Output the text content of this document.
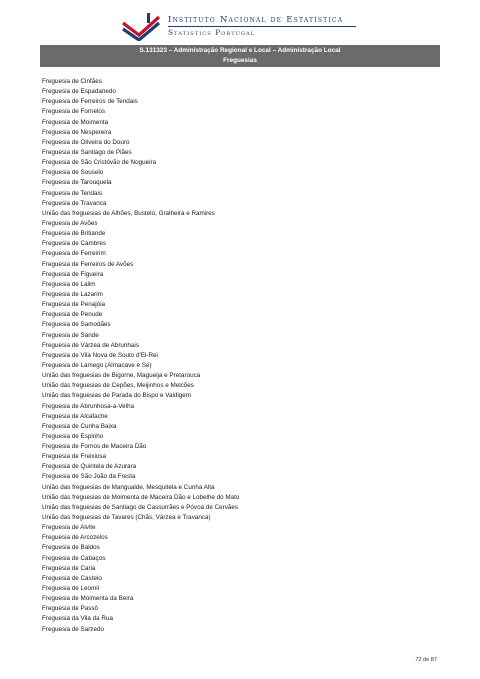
Instituto Nacional de Estatística
Statistics Portugal
S.131323 – Administração Regional e Local – Administração Local
Freguesias
Freguesia de Cinfães
Freguesia de Espadanedo
Freguesia de Ferreiros de Tendais
Freguesia de Fornelos
Freguesia de Moimenta
Freguesia de Nespereira
Freguesia de Oliveira do Douro
Freguesia de Santiago de Piães
Freguesia de São Cristóvão de Nogueira
Freguesia de Souselo
Freguesia de Tarouquela
Freguesia de Tendais
Freguesia de Travanca
União das freguesias de Alhões, Bustelo, Gralheira e Ramires
Freguesia de Avões
Freguesia de Britiande
Freguesia de Cambres
Freguesia de Ferreirim
Freguesia de Ferreiros de Avões
Freguesia de Figueira
Freguesia de Lalim
Freguesia de Lazarim
Freguesia de Penajóia
Freguesia de Penude
Freguesia de Samodães
Freguesia de Sande
Freguesia de Várzea de Abrunhais
Freguesia de Vila Nova de Souto d'El-Rei
Freguesia de Lamego (Almacave e Sé)
União das freguesias de Bigorne, Magueija e Pretarouca
União das freguesias de Cepões, Meijinhos e Melcões
União das freguesias de Parada do Bispo e Valdigem
Freguesia de Abrunhosa-a-Velha
Freguesia de Alcafache
Freguesia de Cunha Baixa
Freguesia de Espinho
Freguesia de Fornos de Maceira Dão
Freguesia de Freixiosa
Freguesia de Quintela de Azurara
Freguesia de São João da Fresta
União das freguesias de Mangualde, Mesquitela e Cunha Alta
União das freguesias de Moimenta de Maceira Dão e Lobelhe do Mato
União das freguesias de Santiago de Cassurrães e Póvoa de Cervães
União das freguesias de Tavares (Chãs, Várzea e Travanca)
Freguesia de Alvite
Freguesia de Arcozelos
Freguesia de Baldos
Freguesia de Cabaços
Freguesia de Caria
Freguesia de Castelo
Freguesia de Leomil
Freguesia de Moimenta da Beira
Freguesia de Passô
Freguesia da Vila da Rua
Freguesia de Sarzedo
72 de 87
